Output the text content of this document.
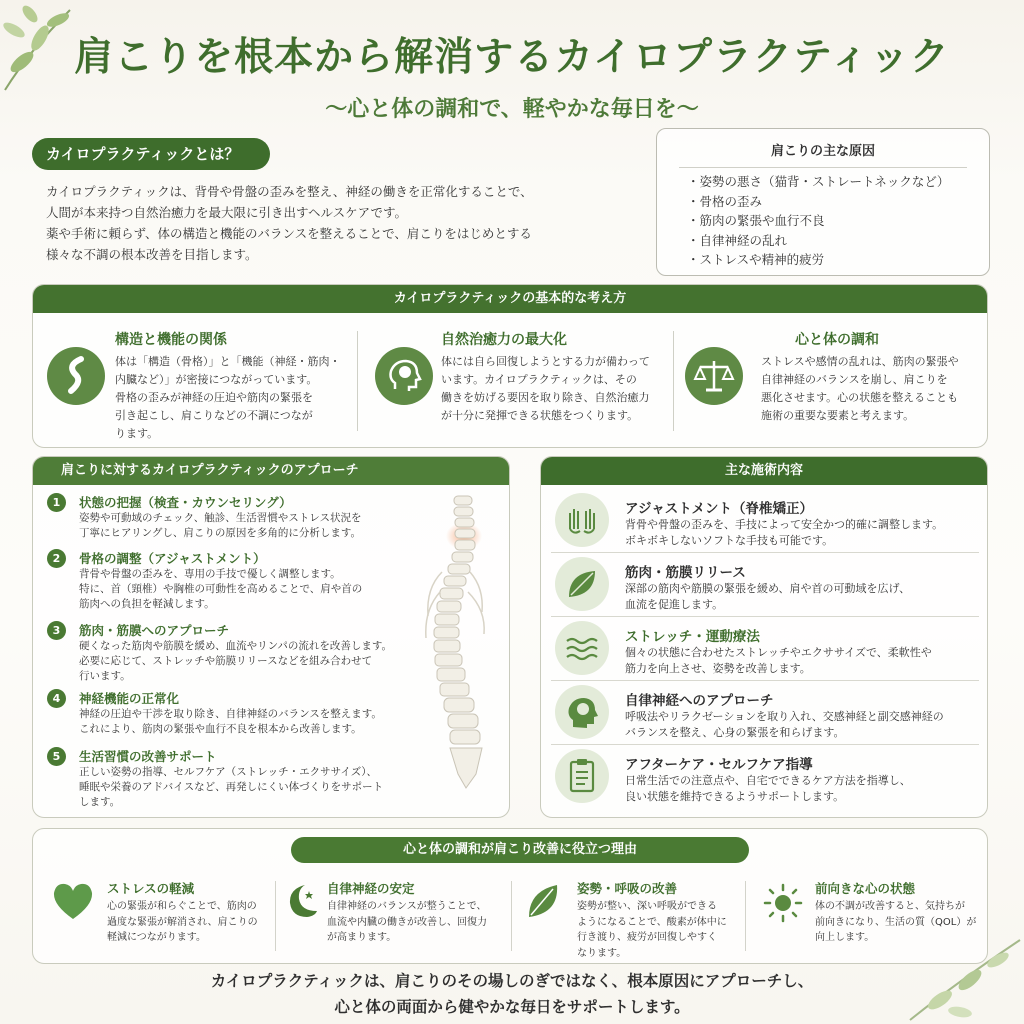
肩こりを根本から解消するカイロプラクティック
〜心と体の調和で、軽やかな毎日を〜
カイロプラクティックとは？
カイロプラクティックは、背骨や骨盤の歪みを整え、神経の働きを正常化することで、
人間が本来持つ自然治癒力を最大限に引き出すヘルスケアです。
薬や手術に頼らず、体の構造と機能のバランスを整えることで、肩こりをはじめとする
様々な不調の根本改善を目指します。
肩こりの主な原因
・姿勢の悪さ（猫背・ストレートネックなど）
・骨格の歪み
・筋肉の緊張や血行不良
・自律神経の乱れ
・ストレスや精神的疲労
カイロプラクティックの基本的な考え方
構造と機能の関係
体は「構造（骨格）」と「機能（神経・筋肉・
内臓など）」が密接につながっています。
骨格の歪みが神経の圧迫や筋肉の緊張を
引き起こし、肩こりなどの不調につなが
ります。
自然治癒力の最大化
体には自ら回復しようとする力が備わって
います。カイロプラクティックは、その
働きを妨げる要因を取り除き、自然治癒力
が十分に発揮できる状態をつくります。
心と体の調和
ストレスや感情の乱れは、筋肉の緊張や
自律神経のバランスを崩し、肩こりを
悪化させます。心の状態を整えることも
施術の重要な要素と考えます。
肩こりに対するカイロプラクティックのアプローチ
1	状態の把握（検査・カウンセリング）
姿勢や可動域のチェック、触診、生活習慣やストレス状況を
丁寧にヒアリングし、肩こりの原因を多角的に分析します。
2	骨格の調整（アジャストメント）
背骨や骨盤の歪みを、専用の手技で優しく調整します。
特に、首（頸椎）や胸椎の可動性を高めることで、肩や首の
筋肉への負担を軽減します。
3	筋肉・筋膜へのアプローチ
硬くなった筋肉や筋膜を緩め、血流やリンパの流れを改善します。
必要に応じて、ストレッチや筋膜リリースなどを組み合わせて
行います。
4	神経機能の正常化
神経の圧迫や干渉を取り除き、自律神経のバランスを整えます。
これにより、筋肉の緊張や血行不良を根本から改善します。
5	生活習慣の改善サポート
正しい姿勢の指導、セルフケア（ストレッチ・エクササイズ）、
睡眠や栄養のアドバイスなど、再発しにくい体づくりをサポート
します。
主な施術内容
アジャストメント（脊椎矯正）
背骨や骨盤の歪みを、手技によって安全かつ的確に調整します。
ボキボキしないソフトな手技も可能です。
筋肉・筋膜リリース
深部の筋肉や筋膜の緊張を緩め、肩や首の可動域を広げ、
血流を促進します。
ストレッチ・運動療法
個々の状態に合わせたストレッチやエクササイズで、柔軟性や
筋力を向上させ、姿勢を改善します。
自律神経へのアプローチ
呼吸法やリラクゼーションを取り入れ、交感神経と副交感神経の
バランスを整え、心身の緊張を和らげます。
アフターケア・セルフケア指導
日常生活での注意点や、自宅でできるケア方法を指導し、
良い状態を維持できるようサポートします。
心と体の調和が肩こり改善に役立つ理由
ストレスの軽減
心の緊張が和らぐことで、筋肉の
過度な緊張が解消され、肩こりの
軽減につながります。
自律神経の安定
自律神経のバランスが整うことで、
血流や内臓の働きが改善し、回復力
が高まります。
姿勢・呼吸の改善
姿勢が整い、深い呼吸ができる
ようになることで、酸素が体中に
行き渡り、疲労が回復しやすく
なります。
前向きな心の状態
体の不調が改善すると、気持ちが
前向きになり、生活の質（QOL）が
向上します。
カイロプラクティックは、肩こりのその場しのぎではなく、根本原因にアプローチし、
心と体の両面から健やかな毎日をサポートします。
